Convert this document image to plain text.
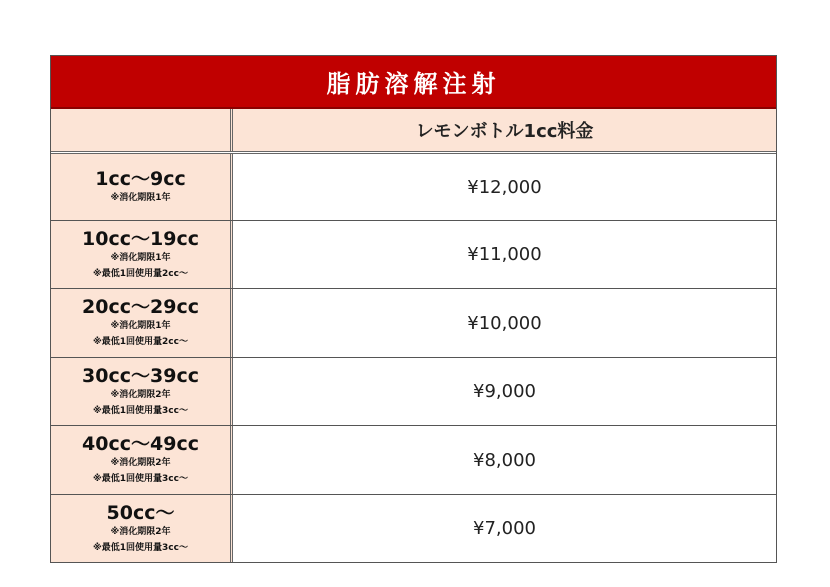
脂肪溶解注射
レモンボトル1cc料金
1cc～9cc
※消化期限1年
¥12,000
10cc～19cc
※消化期限1年
※最低1回使用量2cc～
¥11,000
20cc～29cc
※消化期限1年
※最低1回使用量2cc～
¥10,000
30cc～39cc
※消化期限2年
※最低1回使用量3cc～
¥9,000
40cc～49cc
※消化期限2年
※最低1回使用量3cc～
¥8,000
50cc～
※消化期限2年
※最低1回使用量3cc～
¥7,000
